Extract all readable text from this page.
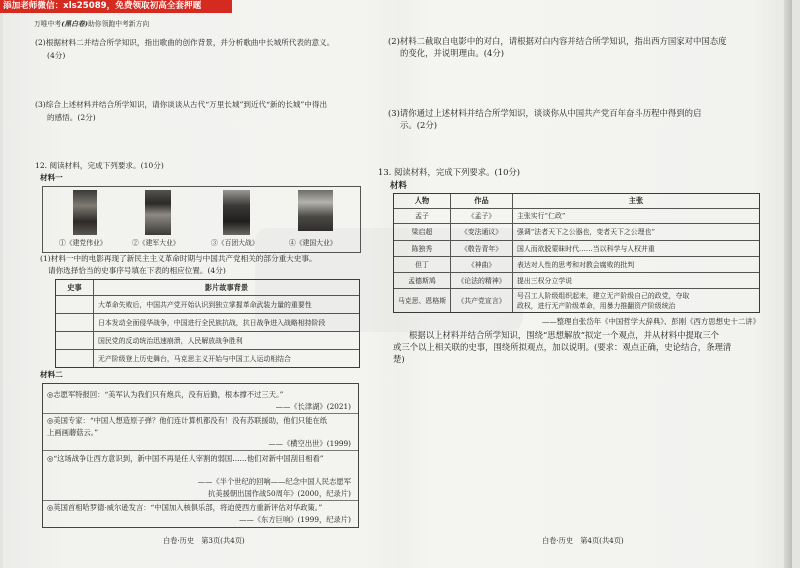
添加老师微信：xls25089，免费领取初高全套押题
万唯中考(黑白卷)助你领跑中考新方向
(2)根据材料二并结合所学知识，指出歌曲的创作背景，并分析歌曲中长城所代表的意义。
(4分)
(3)综合上述材料并结合所学知识，请你谈谈从古代“万里长城”到近代“新的长城”中得出
的感悟。(2分)
12. 阅读材料，完成下列要求。(10分)
材料一
①《建党伟业》	②《建军大业》	③《百团大战》	④《建国大业》
(1)材料一中的电影再现了新民主主义革命时期与中国共产党相关的部分重大史事。
请你选择恰当的史事序号填在下表的相应位置。(4分)
史事	影片故事背景
大革命失败后，中国共产党开始认识到独立掌握革命武装力量的重要性
日本发动全面侵华战争，中国进行全民族抗战，抗日战争进入战略相持阶段
国民党的反动统治迅速崩溃，人民解放战争胜利
无产阶级登上历史舞台，马克思主义开始与中国工人运动相结合
材料二
◎志愿军特报回：“美军认为我们只有炮兵，没有后勤，根本撑不过三天。”
——《长津湖》(2021)
◎美国专家：“中国人想造原子弹？他们连计算机都没有！没有苏联援助，他们只能在纸
上画画蘑菇云。”
——《横空出世》(1999)
◎“这场战争让西方意识到，新中国不再是任人宰割的弱国……他们对新中国刮目相看”
——《半个世纪的回响——纪念中国人民志愿军
抗美援朝出国作战50周年》(2000，纪录片)
◎英国首相哈罗德·威尔逊发言：“中国加入核俱乐部，将迫使西方重新评估对华政策。”
——《东方巨响》(1999，纪录片)
白卷·历史　第3页(共4页)
(2)材料二截取自电影中的对白，请根据对白内容并结合所学知识，指出西方国家对中国态度
的变化，并说明理由。(4分)
(3)请你通过上述材料并结合所学知识，谈谈你从中国共产党百年奋斗历程中得到的启
示。(2分)
13. 阅读材料，完成下列要求。(10分)
材料
人物	作品	主张
孟子	《孟子》	主张实行“仁政”
梁启超	《变法通议》	强调“法者天下之公器也，变者天下之公理也”
陈独秀	《敬告青年》	国人而欲脱蒙昧时代……当以科学与人权并重
但丁	《神曲》	表达对人性的思考和对教会腐败的批判
孟德斯鸠	《论法的精神》	提出三权分立学说
马克思、恩格斯	《共产党宣言》
号召工人阶级组织起来，建立无产阶级自己的政党，夺取
政权，进行无产阶级革命，用暴力推翻资产阶级统治
——整理自张岱年《中国哲学大辞典》、彭刚《西方思想史十二讲》
根据以上材料并结合所学知识，围绕“思想解放”拟定一个观点，并从材料中提取三个
或三个以上相关联的史事，围绕所拟观点，加以说明。(要求：观点正确，史论结合，条理清
楚)
白卷·历史　第4页(共4页)
